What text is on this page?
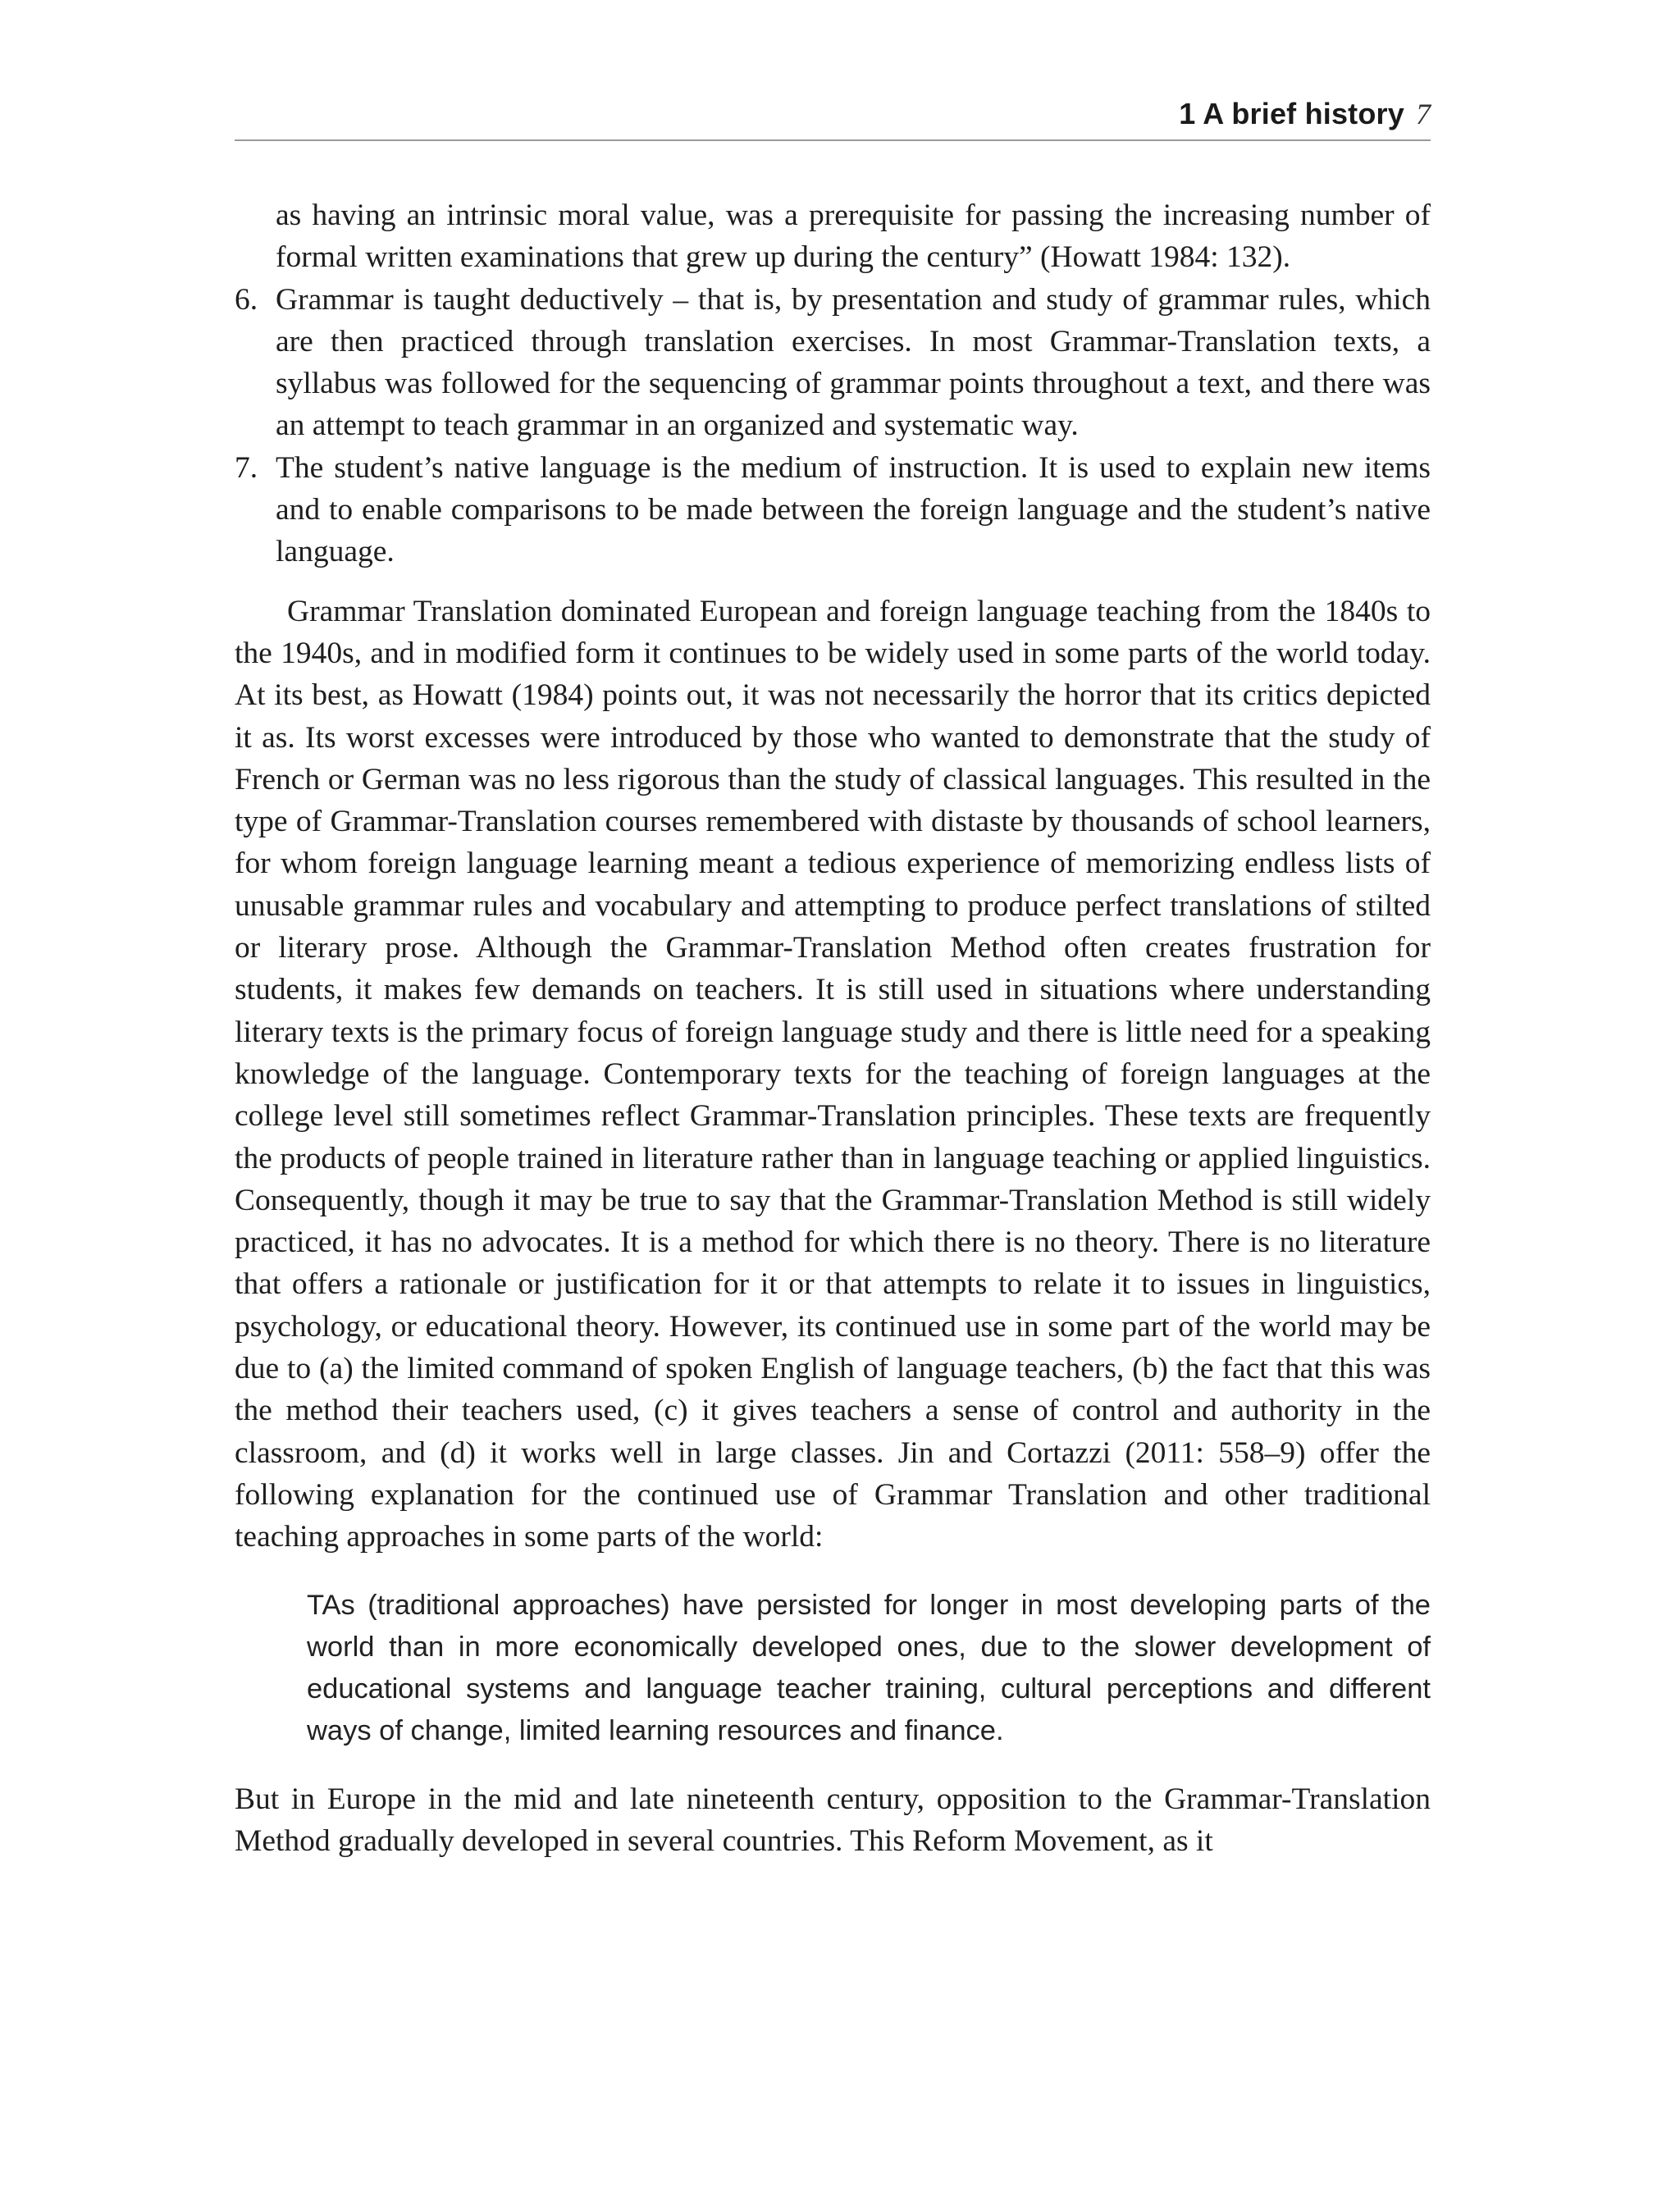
1 A brief history 7
as having an intrinsic moral value, was a prerequisite for passing the increasing number of formal written examinations that grew up during the century” (Howatt 1984: 132).
6. Grammar is taught deductively – that is, by presentation and study of grammar rules, which are then practiced through translation exercises. In most Grammar-Translation texts, a syllabus was followed for the sequencing of grammar points throughout a text, and there was an attempt to teach grammar in an organized and systematic way.
7. The student’s native language is the medium of instruction. It is used to explain new items and to enable comparisons to be made between the foreign language and the student’s native language.

Grammar Translation dominated European and foreign language teaching from the 1840s to the 1940s, and in modified form it continues to be widely used in some parts of the world today. At its best, as Howatt (1984) points out, it was not necessarily the horror that its critics depicted it as. Its worst excesses were introduced by those who wanted to demonstrate that the study of French or German was no less rigorous than the study of classical languages. This resulted in the type of Grammar-Translation courses remembered with distaste by thousands of school learners, for whom foreign language learning meant a tedious experience of memorizing endless lists of unusable grammar rules and vocabulary and attempting to produce perfect translations of stilted or literary prose. Although the Grammar-Translation Method often creates frustration for students, it makes few demands on teachers. It is still used in situations where understanding literary texts is the primary focus of foreign language study and there is little need for a speaking knowledge of the language. Contemporary texts for the teaching of foreign languages at the college level still sometimes reflect Grammar-Translation principles. These texts are frequently the products of people trained in literature rather than in language teaching or applied linguistics. Consequently, though it may be true to say that the Grammar-Translation Method is still widely practiced, it has no advocates. It is a method for which there is no theory. There is no literature that offers a rationale or justification for it or that attempts to relate it to issues in linguistics, psychology, or educational theory. However, its continued use in some part of the world may be due to (a) the limited command of spoken English of language teachers, (b) the fact that this was the method their teachers used, (c) it gives teachers a sense of control and authority in the classroom, and (d) it works well in large classes. Jin and Cortazzi (2011: 558–9) offer the following explanation for the continued use of Grammar Translation and other traditional teaching approaches in some parts of the world:

TAs (traditional approaches) have persisted for longer in most developing parts of the world than in more economically developed ones, due to the slower development of educational systems and language teacher training, cultural perceptions and different ways of change, limited learning resources and finance.

But in Europe in the mid and late nineteenth century, opposition to the Grammar-Translation Method gradually developed in several countries. This Reform Movement, as it
